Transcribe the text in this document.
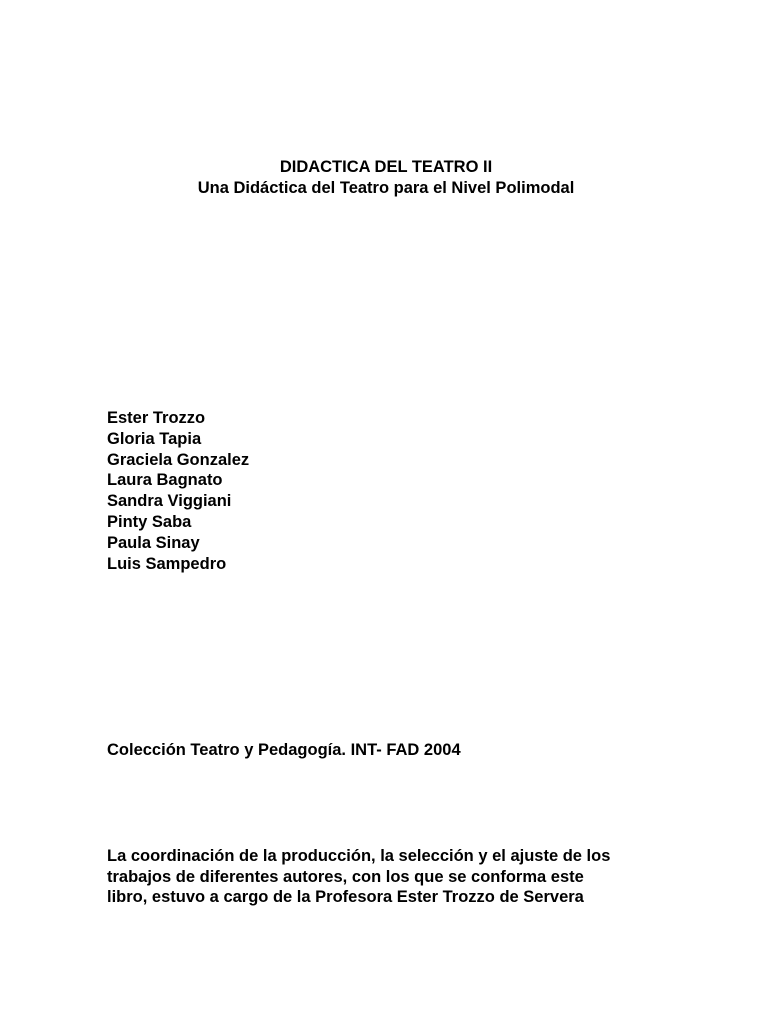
DIDACTICA DEL TEATRO II
Una Didáctica del Teatro para el Nivel Polimodal
Ester Trozzo
Gloria Tapia
Graciela Gonzalez
Laura Bagnato
Sandra Viggiani
Pinty Saba
Paula Sinay
Luis Sampedro
Colección Teatro y Pedagogía. INT- FAD 2004
La coordinación de la producción, la selección y el ajuste de los
trabajos de diferentes autores, con los que se conforma este
libro, estuvo a cargo de la Profesora Ester Trozzo de Servera
